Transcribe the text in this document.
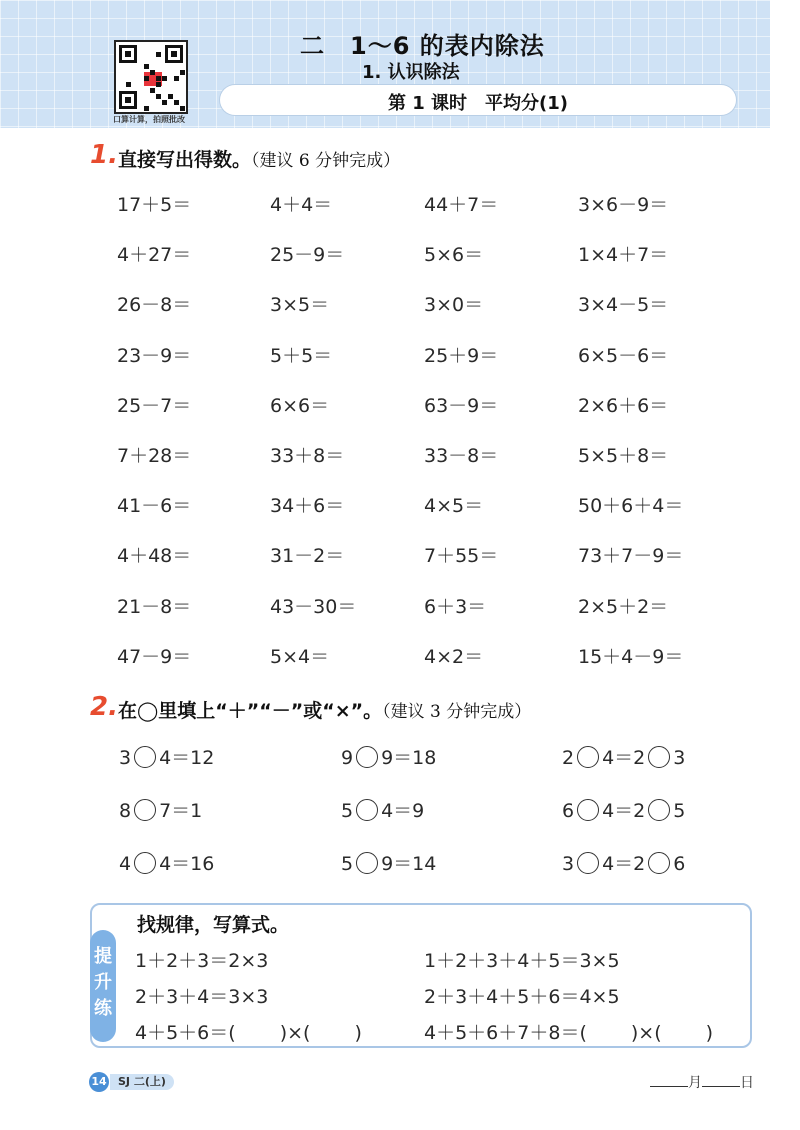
口算计算，拍照批改
二　1～6 的表内除法
1. 认识除法
第 1 课时　平均分(1)
1. 直接写出得数。（建议 6 分钟完成）
17＋5＝	4＋4＝	44＋7＝	3×6－9＝
4＋27＝	25－9＝	5×6＝	1×4＋7＝
26－8＝	3×5＝	3×0＝	3×4－5＝
23－9＝	5＋5＝	25＋9＝	6×5－6＝
25－7＝	6×6＝	63－9＝	2×6＋6＝
7＋28＝	33＋8＝	33－8＝	5×5＋8＝
41－6＝	34＋6＝	4×5＝	50＋6＋4＝
4＋48＝	31－2＝	7＋55＝	73＋7－9＝
21－8＝	43－30＝	6＋3＝	2×5＋2＝
47－9＝	5×4＝	4×2＝	15＋4－9＝
2. 在◯里填上“＋”“－”或“×”。（建议 3 分钟完成）
3 4＝12	9 9＝18	2 4＝2 3
8 7＝1	5 4＝9	6 4＝2 5
4 4＝16	5 9＝14	3 4＝2 6
提
升
练
找规律，写算式。
1＋2＋3＝2×3	1＋2＋3＋4＋5＝3×5
2＋3＋4＝3×3	2＋3＋4＋5＋6＝4×5
4＋5＋6＝(　　 )×(　　 )	4＋5＋6＋7＋8＝(　　 )×(　　 )
14	SJ 二(上)	月	日
